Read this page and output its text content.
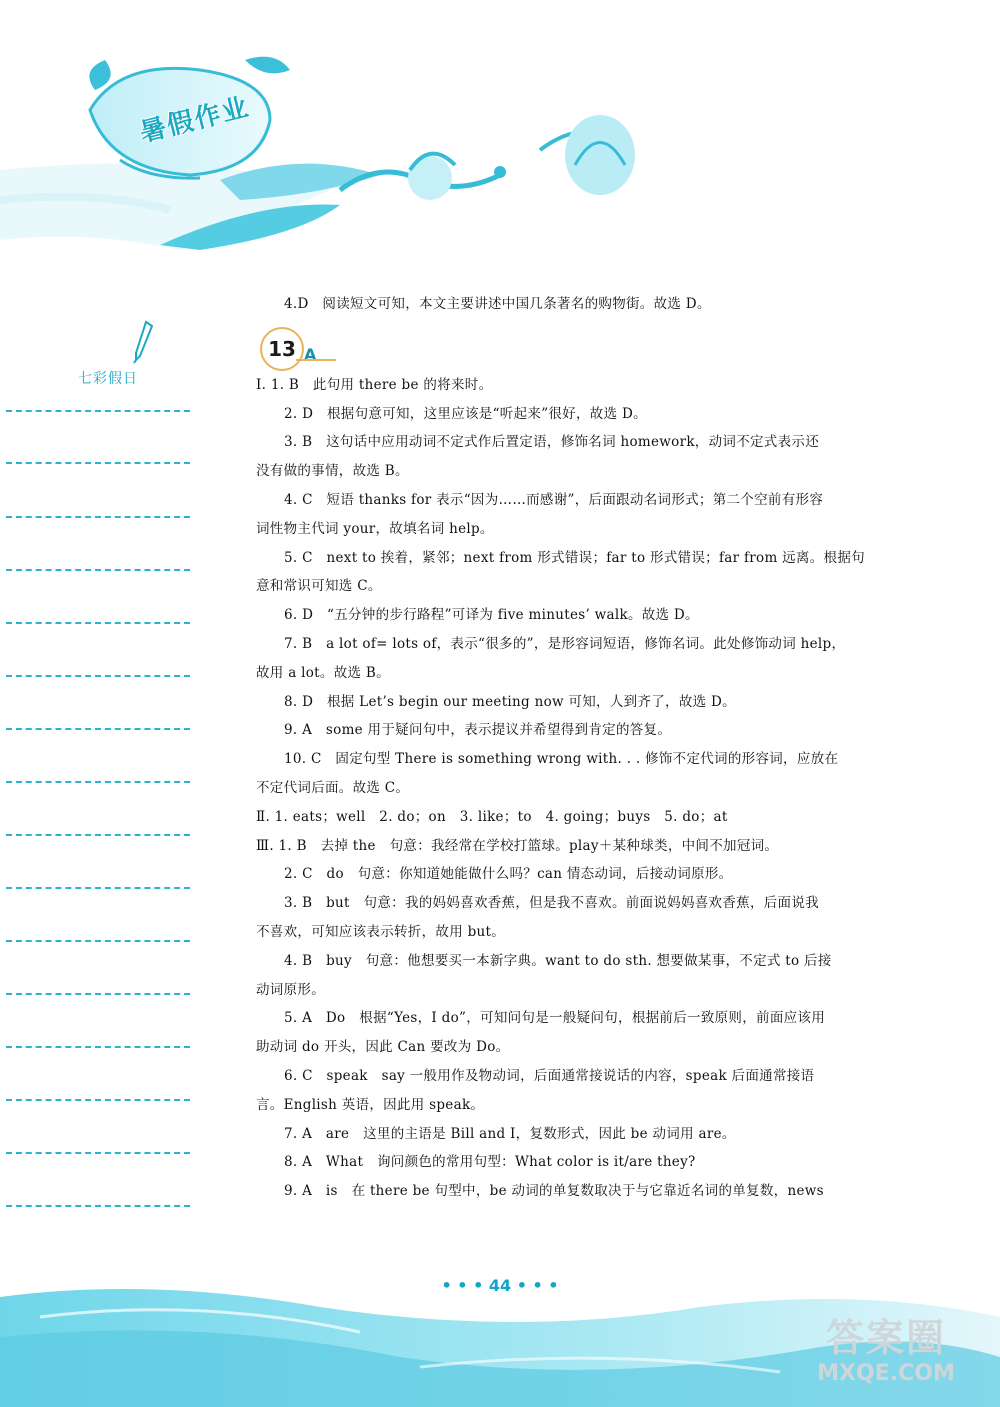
暑假作业
七彩假日
4.D　阅读短文可知，本文主要讲述中国几条著名的购物街。故选 D。
13 A
Ⅰ. 1. B　此句用 there be 的将来时。
2. D　根据句意可知，这里应该是“听起来”很好，故选 D。
3. B　这句话中应用动词不定式作后置定语，修饰名词 homework，动词不定式表示还
没有做的事情，故选 B。
4. C　短语 thanks for 表示“因为……而感谢”，后面跟动名词形式；第二个空前有形容
词性物主代词 your，故填名词 help。
5. C　next to 挨着，紧邻；next from 形式错误；far to 形式错误；far from 远离。根据句
意和常识可知选 C。
6. D　“五分钟的步行路程”可译为 five minutes’ walk。故选 D。
7. B　a lot of= lots of，表示“很多的”，是形容词短语，修饰名词。此处修饰动词 help，
故用 a lot。故选 B。
8. D　根据 Let’s begin our meeting now 可知，人到齐了，故选 D。
9. A　some 用于疑问句中，表示提议并希望得到肯定的答复。
10. C　固定句型 There is something wrong with. . . 修饰不定代词的形容词，应放在
不定代词后面。故选 C。
Ⅱ. 1. eats；well　2. do；on　3. like；to　4. going；buys　5. do；at
Ⅲ. 1. B　去掉 the　句意：我经常在学校打篮球。play＋某种球类，中间不加冠词。
2. C　do　句意：你知道她能做什么吗？can 情态动词，后接动词原形。
3. B　but　句意：我的妈妈喜欢香蕉，但是我不喜欢。前面说妈妈喜欢香蕉，后面说我
不喜欢，可知应该表示转折，故用 but。
4. B　buy　句意：他想要买一本新字典。want to do sth. 想要做某事，不定式 to 后接
动词原形。
5. A　Do　根据“Yes，I do”，可知问句是一般疑问句，根据前后一致原则，前面应该用
助动词 do 开头，因此 Can 要改为 Do。
6. C　speak　say 一般用作及物动词，后面通常接说话的内容，speak 后面通常接语
言。English 英语，因此用 speak。
7. A　are　这里的主语是 Bill and I，复数形式，因此 be 动词用 are。
8. A　What　询问颜色的常用句型：What color is it/are they?
9. A　is　在 there be 句型中，be 动词的单复数取决于与它靠近名词的单复数，news
• • • 44 • • •
答案圈
MXQE.COM
